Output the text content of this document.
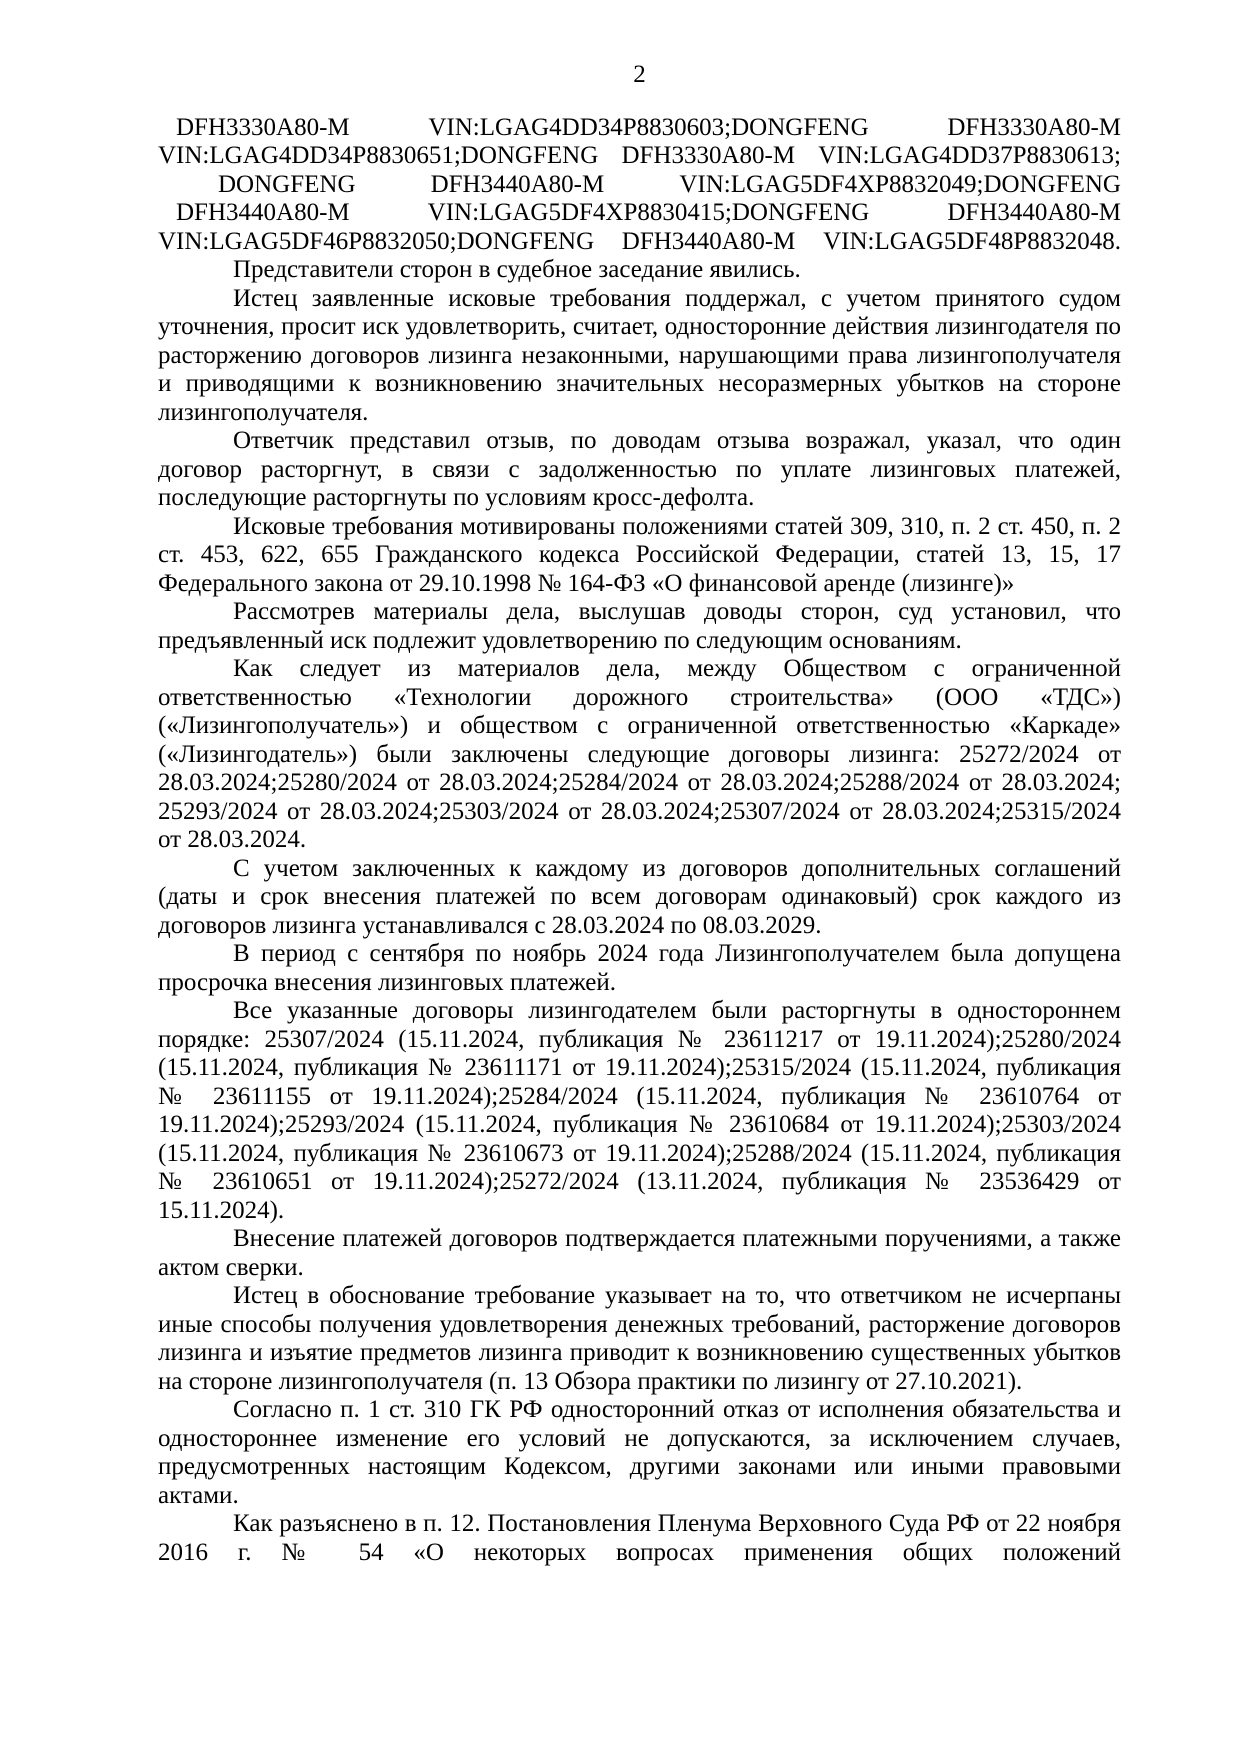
2
DFH3330A80-M	VIN:LGAG4DD34P8830603;DONGFENG	DFH3330A80-M
VIN:LGAG4DD34P8830651;DONGFENG DFH3330A80-M VIN:LGAG4DD37P8830613;
DONGFENG	DFH3440A80-M	VIN:LGAG5DF4XP8832049;DONGFENG
DFH3440A80-M	VIN:LGAG5DF4XP8830415;DONGFENG	DFH3440A80-M
VIN:LGAG5DF46P8832050;DONGFENG DFH3440A80-M VIN:LGAG5DF48P8832048.

Представители сторон в судебное заседание явились.

Истец заявленные исковые требования поддержал, с учетом принятого судом уточнения, просит иск удовлетворить, считает, односторонние действия лизингодателя по расторжению договоров лизинга незаконными, нарушающими права лизингополучателя и приводящими к возникновению значительных несоразмерных убытков на стороне лизингополучателя.

Ответчик представил отзыв, по доводам отзыва возражал, указал, что один договор расторгнут, в связи с задолженностью по уплате лизинговых платежей, последующие расторгнуты по условиям кросс-дефолта.

Исковые требования мотивированы положениями статей 309, 310, п. 2 ст. 450, п. 2 ст. 453, 622, 655 Гражданского кодекса Российской Федерации, статей 13, 15, 17 Федерального закона от 29.10.1998 № 164-ФЗ «О финансовой аренде (лизинге)»

Рассмотрев материалы дела, выслушав доводы сторон, суд установил, что предъявленный иск подлежит удовлетворению по следующим основаниям.

Как следует из материалов дела, между Обществом с ограниченной ответственностью «Технологии дорожного строительства» (ООО «ТДС») («Лизингополучатель») и обществом с ограниченной ответственностью «Каркаде» («Лизингодатель») были заключены следующие договоры лизинга: 25272/2024 от 28.03.2024;25280/2024 от 28.03.2024;25284/2024 от 28.03.2024;25288/2024 от 28.03.2024; 25293/2024 от 28.03.2024;25303/2024 от 28.03.2024;25307/2024 от 28.03.2024;25315/2024 от 28.03.2024.

С учетом заключенных к каждому из договоров дополнительных соглашений (даты и срок внесения платежей по всем договорам одинаковый) срок каждого из договоров лизинга устанавливался с 28.03.2024 по 08.03.2029.

В период с сентября по ноябрь 2024 года Лизингополучателем была допущена просрочка внесения лизинговых платежей.

Все указанные договоры лизингодателем были расторгнуты в одностороннем порядке: 25307/2024 (15.11.2024, публикация № 23611217 от 19.11.2024);25280/2024 (15.11.2024, публикация № 23611171 от 19.11.2024);25315/2024 (15.11.2024, публикация № 23611155 от 19.11.2024);25284/2024 (15.11.2024, публикация № 23610764 от 19.11.2024);25293/2024 (15.11.2024, публикация № 23610684 от 19.11.2024);25303/2024 (15.11.2024, публикация № 23610673 от 19.11.2024);25288/2024 (15.11.2024, публикация № 23610651 от 19.11.2024);25272/2024 (13.11.2024, публикация № 23536429 от 15.11.2024).

Внесение платежей договоров подтверждается платежными поручениями, а также актом сверки.

Истец в обоснование требование указывает на то, что ответчиком не исчерпаны иные способы получения удовлетворения денежных требований, расторжение договоров лизинга и изъятие предметов лизинга приводит к возникновению существенных убытков на стороне лизингополучателя (п. 13 Обзора практики по лизингу от 27.10.2021).

Согласно п. 1 ст. 310 ГК РФ односторонний отказ от исполнения обязательства и одностороннее изменение его условий не допускаются, за исключением случаев, предусмотренных настоящим Кодексом, другими законами или иными правовыми актами.

Как разъяснено в п. 12. Постановления Пленума Верховного Суда РФ от 22 ноября 2016 г. № 54 «О некоторых вопросах применения общих положений
